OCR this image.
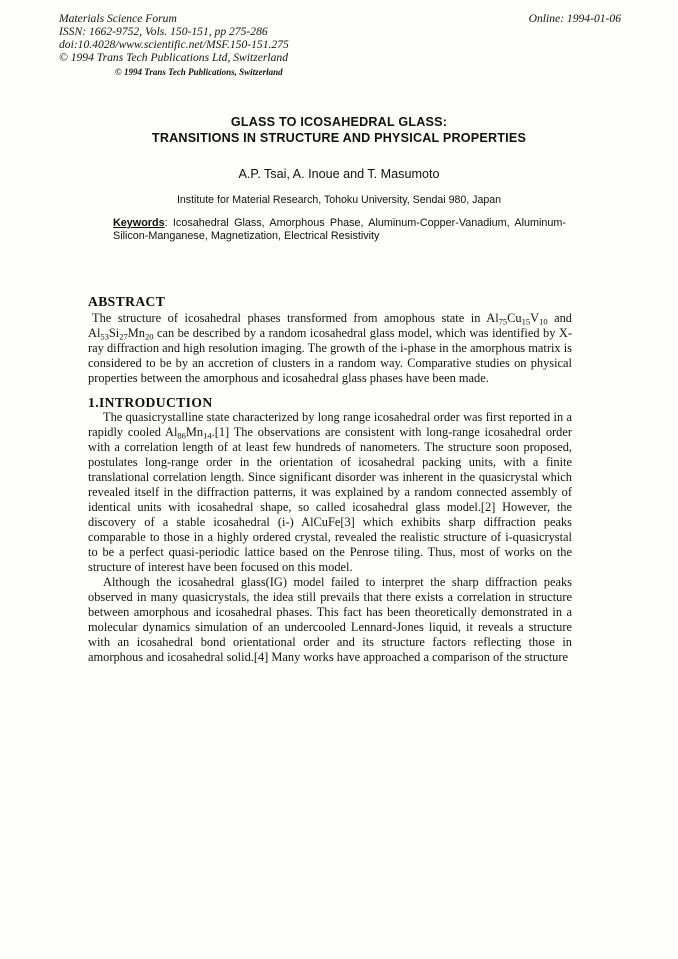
Materials Science Forum
ISSN: 1662-9752, Vols. 150-151, pp 275-286
doi:10.4028/www.scientific.net/MSF.150-151.275
© 1994 Trans Tech Publications Ltd, Switzerland
Online: 1994-01-06
© 1994 Trans Tech Publications, Switzerland
GLASS TO ICOSAHEDRAL GLASS:
TRANSITIONS IN STRUCTURE AND PHYSICAL PROPERTIES
A.P. Tsai, A. Inoue and T. Masumoto
Institute for Material Research, Tohoku University, Sendai 980, Japan
Keywords: Icosahedral Glass, Amorphous Phase, Aluminum-Copper-Vanadium, Aluminum-Silicon-Manganese, Magnetization, Electrical Resistivity
ABSTRACT
The structure of icosahedral phases transformed from amophous state in $Al_{75}Cu_{15}V_{10}$ and $Al_{53}Si_{27}Mn_{20}$ can be described by a random icosahedral glass model, which was identified by X-ray diffraction and high resolution imaging. The growth of the i-phase in the amorphous matrix is considered to be by an accretion of clusters in a random way. Comparative studies on physical properties between the amorphous and icosahedral glass phases have been made.
1.INTRODUCTION
The quasicrystalline state characterized by long range icosahedral order was first reported in a rapidly cooled $Al_{86}Mn_{14}.[1]$ The observations are consistent with long-range icosahedral order with a correlation length of at least few hundreds of nanometers. The structure soon proposed, postulates long-range order in the orientation of icosahedral packing units, with a finite translational correlation length. Since significant disorder was inherent in the quasicrystal which revealed itself in the diffraction patterns, it was explained by a random connected assembly of identical units with icosahedral shape, so called icosahedral glass model.[2] However, the discovery of a stable icosahedral (i-) AlCuFe[3] which exhibits sharp diffraction peaks comparable to those in a highly ordered crystal, revealed the realistic structure of i-quasicrystal to be a perfect quasi-periodic lattice based on the Penrose tiling. Thus, most of works on the structure of interest have been focused on this model.
Although the icosahedral glass(IG) model failed to interpret the sharp diffraction peaks observed in many quasicrystals, the idea still prevails that there exists a correlation in structure between amorphous and icosahedral phases. This fact has been theoretically demonstrated in a molecular dynamics simulation of an undercooled Lennard-Jones liquid, it reveals a structure with an icosahedral bond orientational order and its structure factors reflecting those in amorphous and icosahedral solid.[4] Many works have approached a comparison of the structure
